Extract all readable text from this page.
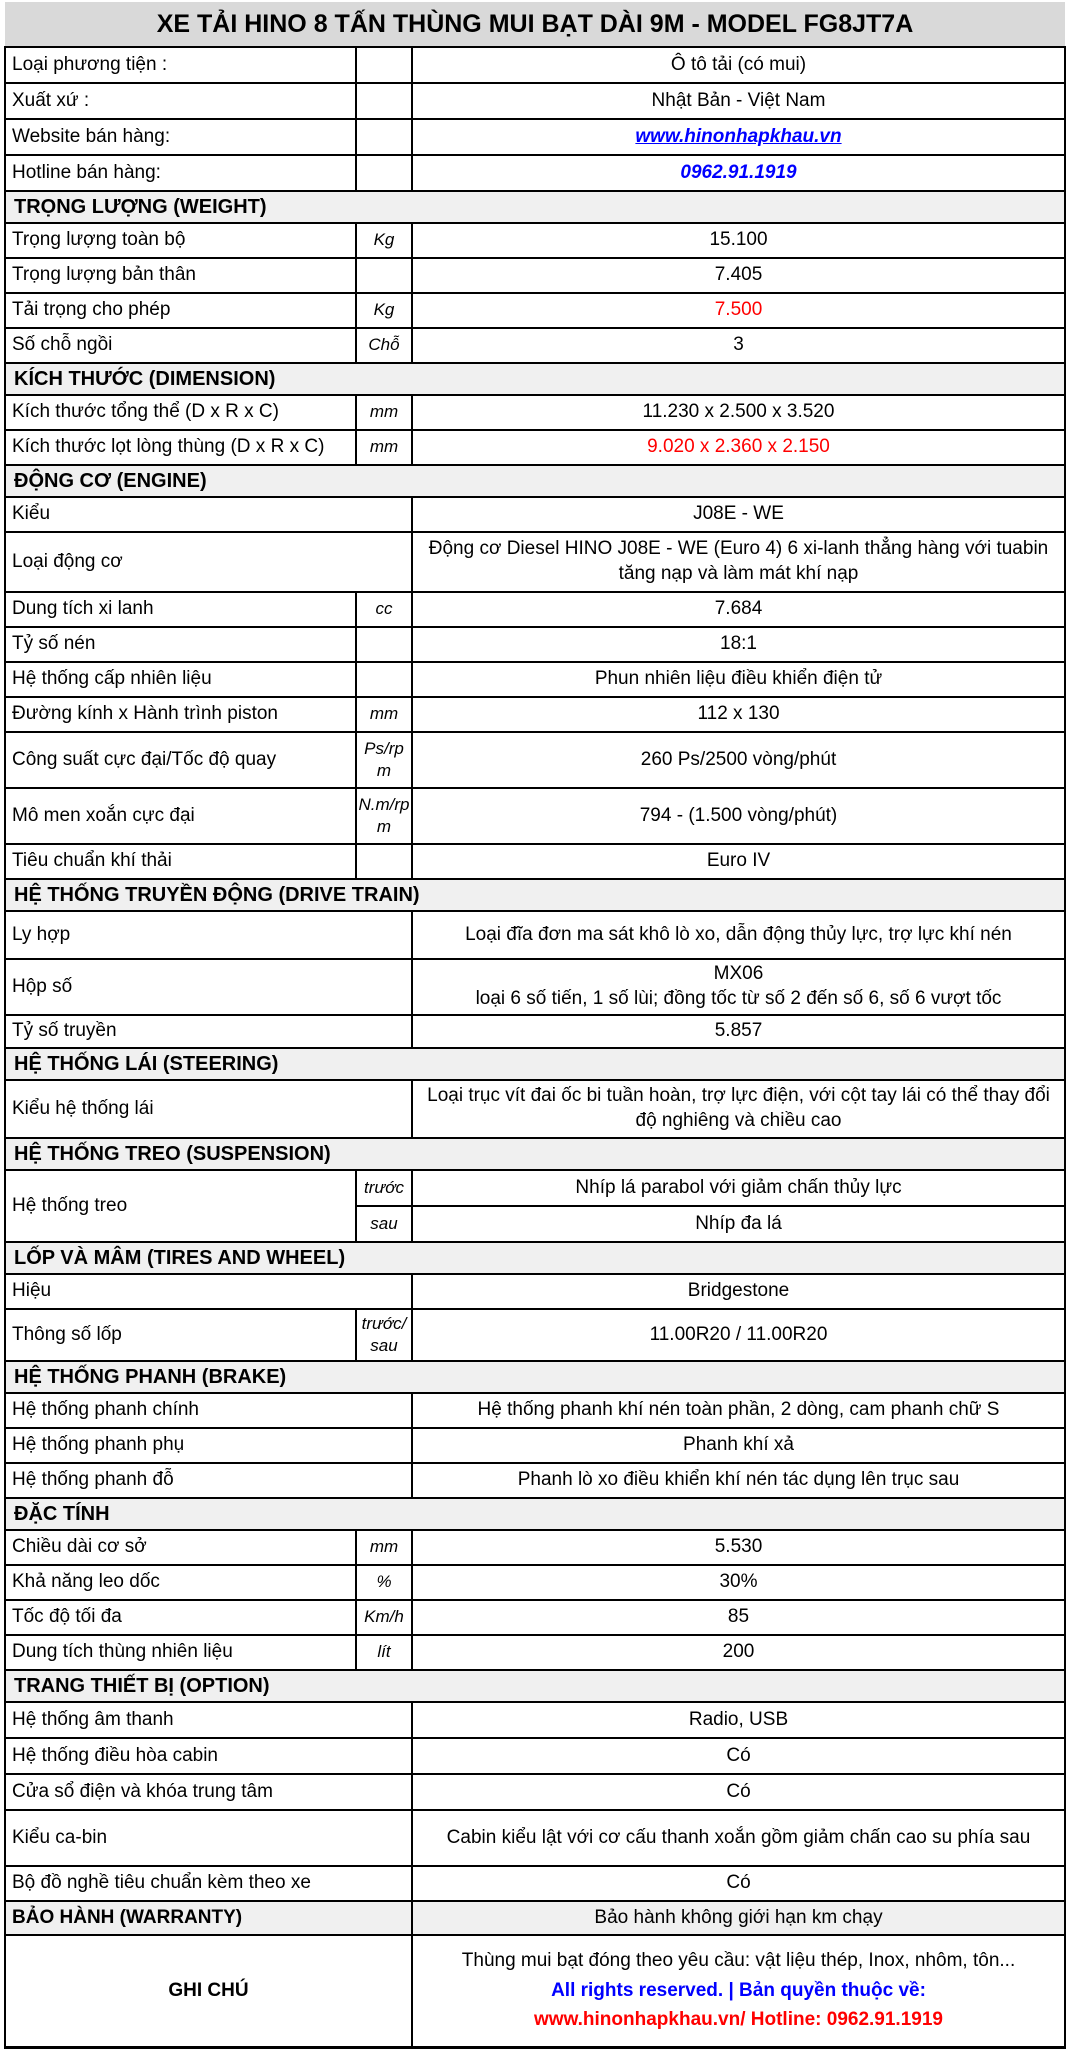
XE TẢI HINO 8 TẤN THÙNG MUI BẠT DÀI 9M - MODEL FG8JT7A		
Loại phương tiện :		Ô tô tải (có mui)
Xuất xứ :		Nhật Bản - Việt Nam
Website bán hàng:		www.hinonhapkhau.vn
Hotline bán hàng:		0962.91.1919
TRỌNG LƯỢNG (WEIGHT)		
Trọng lượng toàn bộ	Kg	15.100
Trọng lượng bản thân		7.405
Tải trọng cho phép	Kg	7.500
Số chỗ ngồi	Chỗ	3
KÍCH THƯỚC (DIMENSION)		
Kích thước tổng thể (D x R x C)	mm	11.230 x 2.500 x 3.520
Kích thước lọt lòng thùng (D x R x C)	mm	9.020 x 2.360 x 2.150
ĐỘNG CƠ (ENGINE)		
Kiểu		J08E - WE
Loại động cơ		Động cơ Diesel HINO J08E - WE (Euro 4) 6 xi-lanh thẳng hàng với tuabin tăng nạp và làm mát khí nạp
Dung tích xi lanh	cc	7.684
Tỷ số nén		18:1
Hệ thống cấp nhiên liệu		Phun nhiên liệu điều khiển điện tử
Đường kính x Hành trình piston	mm	112 x 130
Công suất cực đại/Tốc độ quay	Ps/rpm	260 Ps/2500 vòng/phút
Mô men xoắn cực đại	N.m/rpm	794 - (1.500 vòng/phút)
Tiêu chuẩn khí thải		Euro IV
HỆ THỐNG TRUYỀN ĐỘNG (DRIVE TRAIN)		
Ly hợp		Loại đĩa đơn ma sát khô lò xo, dẫn động thủy lực, trợ lực khí nén
Hộp số		MX06
loại 6 số tiến, 1 số lùi; đồng tốc từ số 2 đến số 6, số 6 vượt tốc

Tỷ số truyền		5.857
HỆ THỐNG LÁI (STEERING)		
Kiểu hệ thống lái		Loại trục vít đai ốc bi tuần hoàn, trợ lực điện, với cột tay lái có thể thay đổi độ nghiêng và chiều cao
HỆ THỐNG TREO (SUSPENSION)		
Hệ thống treo	trước	Nhíp lá parabol với giảm chấn thủy lực
	sau	Nhíp đa lá
LỐP VÀ MÂM (TIRES AND WHEEL)		
Hiệu		Bridgestone
Thông số lốp	trước/sau	11.00R20 / 11.00R20
HỆ THỐNG PHANH (BRAKE)		
Hệ thống phanh chính		Hệ thống phanh khí nén toàn phần, 2 dòng, cam phanh chữ S
Hệ thống phanh phụ		Phanh khí xả
Hệ thống phanh đỗ		Phanh lò xo điều khiển khí nén tác dụng lên trục sau
ĐẶC TÍNH		
Chiều dài cơ sở	mm	5.530
Khả năng leo dốc	%	30%
Tốc độ tối đa	Km/h	85
Dung tích thùng nhiên liệu	lít	200
TRANG THIẾT BỊ (OPTION)		
Hệ thống âm thanh		Radio, USB
Hệ thống điều hòa cabin		Có
Cửa sổ điện và khóa trung tâm		Có
Kiểu ca-bin		Cabin kiểu lật với cơ cấu thanh xoắn gồm giảm chấn cao su phía sau
Bộ đồ nghề tiêu chuẩn kèm theo xe		Có
BẢO HÀNH (WARRANTY)		Bảo hành không giới hạn km chạy
GHI CHÚ		Thùng mui bạt đóng theo yêu cầu: vật liệu thép, Inox, nhôm, tôn...
All rights reserved. | Bản quyền thuộc về:
www.hinonhapkhau.vn/ Hotline: 0962.91.1919
